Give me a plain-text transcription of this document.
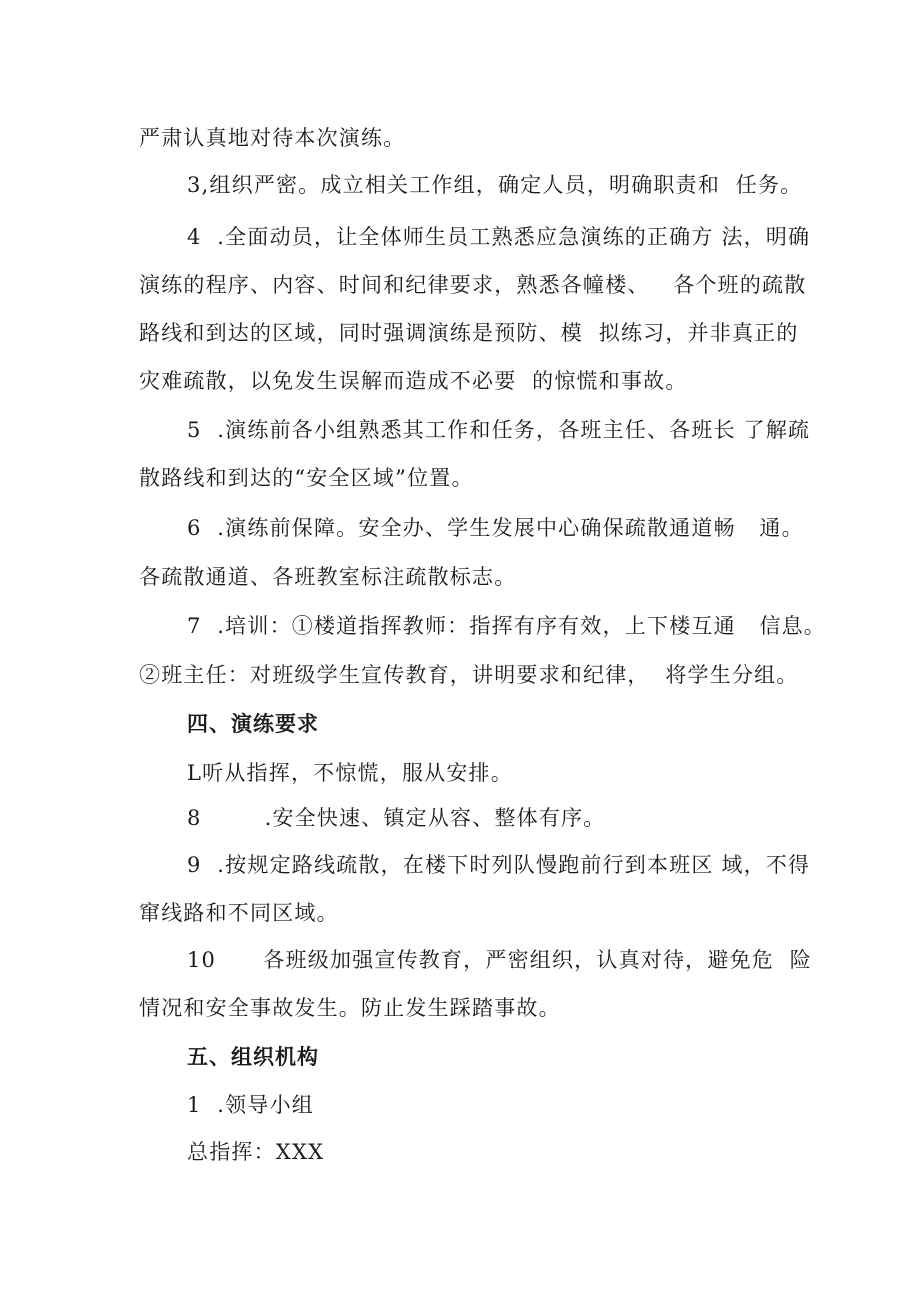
严肃认真地对待本次演练。
3,组织严密。成立相关工作组，确定人员，明确职责和  任务。
4  .全面动员，让全体师生员工熟悉应急演练的正确方 法，明确
演练的程序、内容、时间和纪律要求，熟悉各幢楼、   各个班的疏散
路线和到达的区域，同时强调演练是预防、模  拟练习，并非真正的
灾难疏散，以免发生误解而造成不必要  的惊慌和事故。
5  .演练前各小组熟悉其工作和任务，各班主任、各班长 了解疏
散路线和到达的“安全区域”位置。
6  .演练前保障。安全办、学生发展中心确保疏散通道畅   通。
各疏散通道、各班教室标注疏散标志。
7  .培训：①楼道指挥教师：指挥有序有效，上下楼互通   信息。
②班主任：对班级学生宣传教育，讲明要求和纪律，  将学生分组。
四、演练要求
L听从指挥，不惊慌，服从安排。
8        .安全快速、镇定从容、整体有序。
9  .按规定路线疏散，在楼下时列队慢跑前行到本班区 域，不得
窜线路和不同区域。
10      各班级加强宣传教育，严密组织，认真对待，避免危  险
情况和安全事故发生。防止发生踩踏事故。
五、组织机构
1  .领导小组
总指挥：XXX
